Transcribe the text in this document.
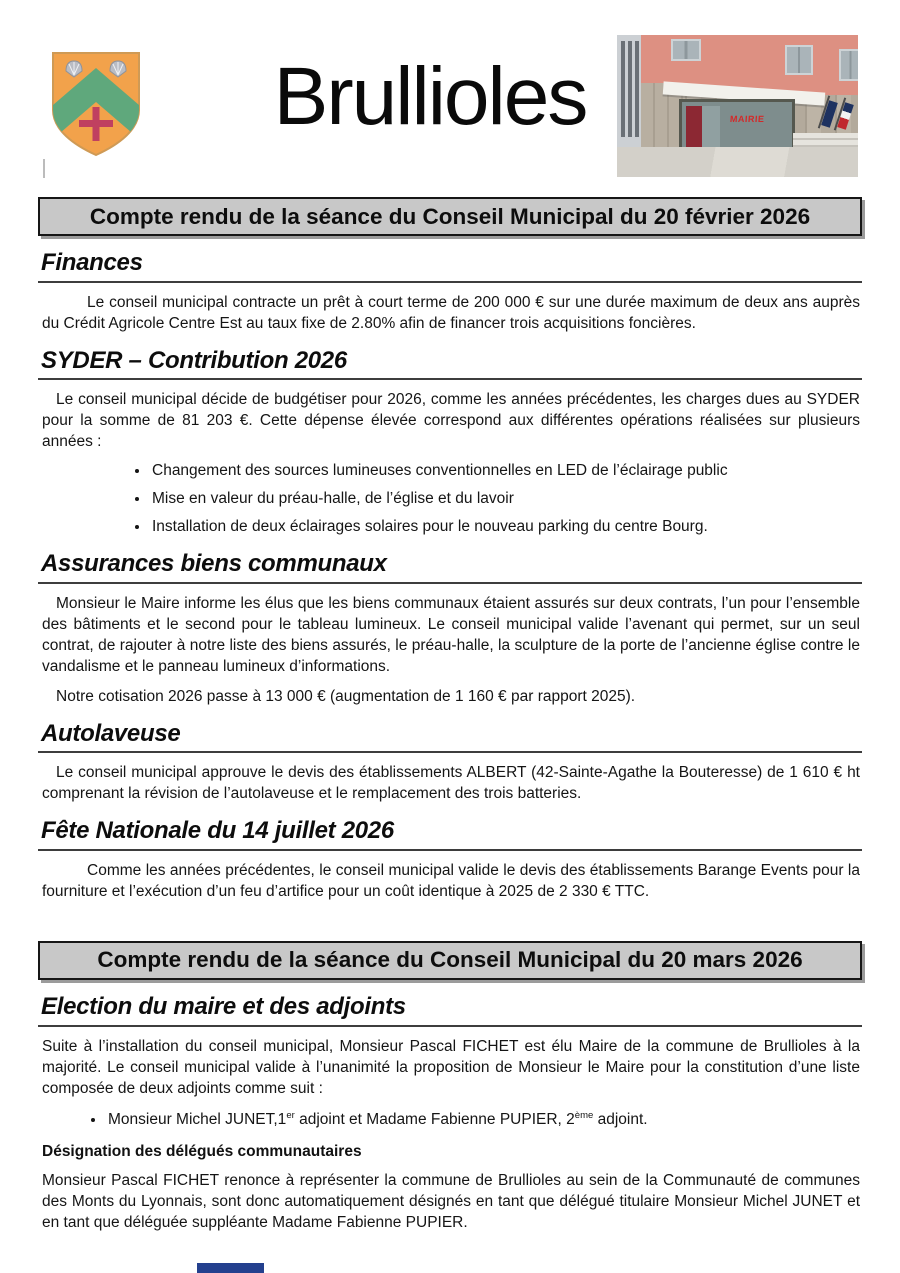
Brullioles	MAIRIE
Compte rendu de la séance du Conseil Municipal du 20 février 2026
Finances

Le conseil municipal contracte un prêt à court terme de 200 000 € sur une durée maximum de deux ans auprès du Crédit Agricole Centre Est au taux fixe de 2.80% afin de financer trois acquisitions foncières.

SYDER – Contribution 2026

Le conseil municipal décide de budgétiser pour 2026, comme les années précédentes, les charges dues au SYDER pour la somme de 81 203 €. Cette dépense élevée correspond aux différentes opérations réalisées sur plusieurs années :

• Changement des sources lumineuses conventionnelles en LED de l’éclairage public
• Mise en valeur du préau-halle, de l’église et du lavoir
• Installation de deux éclairages solaires pour le nouveau parking du centre Bourg.
Assurances biens communaux

Monsieur le Maire informe les élus que les biens communaux étaient assurés sur deux contrats, l’un pour l’ensemble des bâtiments et le second pour le tableau lumineux. Le conseil municipal valide l’avenant qui permet, sur un seul contrat, de rajouter à notre liste des biens assurés, le préau-halle, la sculpture de la porte de l’ancienne église contre le vandalisme et le panneau lumineux d’informations.

Notre cotisation 2026 passe à 13 000 € (augmentation de 1 160 € par rapport 2025).

Autolaveuse

Le conseil municipal approuve le devis des établissements ALBERT (42-Sainte-Agathe la Bouteresse) de 1 610 € ht comprenant la révision de l’autolaveuse et le remplacement des trois batteries.

Fête Nationale du 14 juillet 2026

Comme les années précédentes, le conseil municipal valide le devis des établissements Barange Events pour la fourniture et l’exécution d’un feu d’artifice pour un coût identique à 2025 de 2 330 € TTC.

Compte rendu de la séance du Conseil Municipal du 20 mars 2026
Election du maire et des adjoints

Suite à l’installation du conseil municipal, Monsieur Pascal FICHET est élu Maire de la commune de Brullioles à la majorité. Le conseil municipal valide à l’unanimité la proposition de Monsieur le Maire pour la constitution d’une liste composée de deux adjoints comme suit :

• Monsieur Michel JUNET,1er adjoint et Madame Fabienne PUPIER, 2ème adjoint.
Désignation des délégués communautaires

Monsieur Pascal FICHET renonce à représenter la commune de Brullioles au sein de la Communauté de communes des Monts du Lyonnais, sont donc automatiquement désignés en tant que délégué titulaire Monsieur Michel JUNET et en tant que déléguée suppléante Madame Fabienne PUPIER.
